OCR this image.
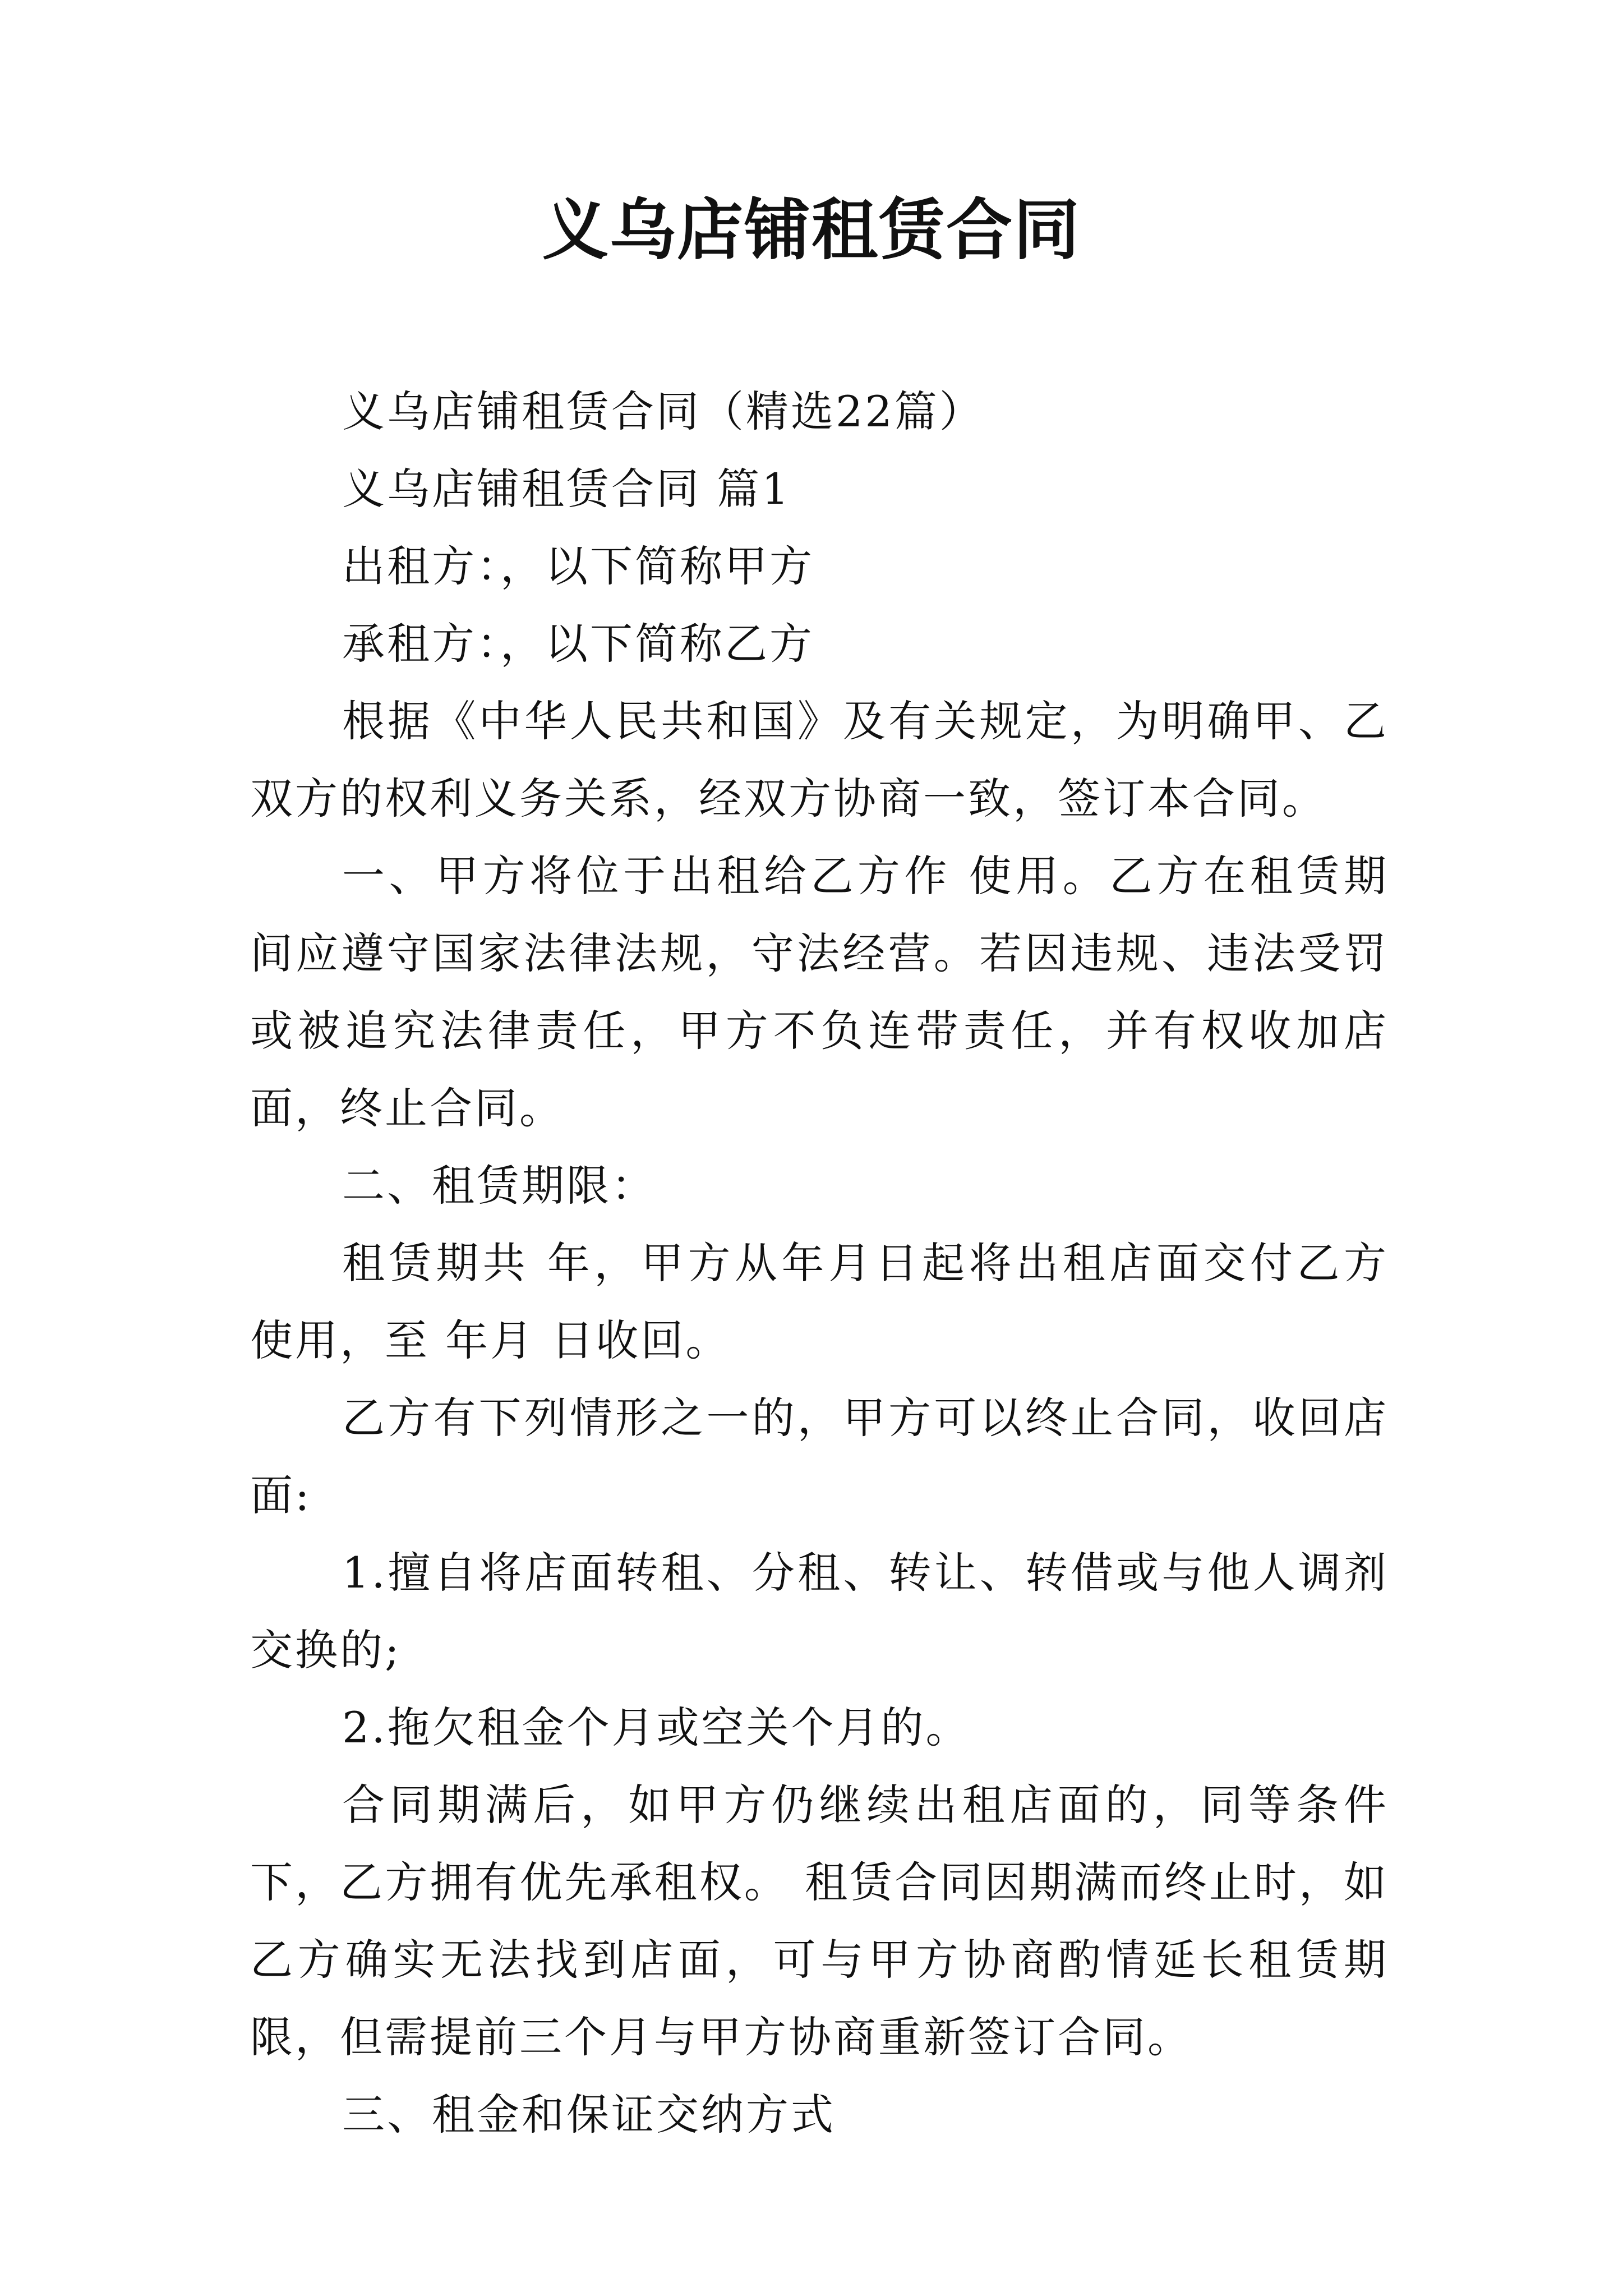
义乌店铺租赁合同

义乌店铺租赁合同（精选22篇）

义乌店铺租赁合同 篇1

出租方：，以下简称甲方

承租方：，以下简称乙方

根据《中华人民共和国》及有关规定，为明确甲、乙双方的权利义务关系，经双方协商一致，签订本合同。

一、甲方将位于出租给乙方作 使用。乙方在租赁期间应遵守国家法律法规，守法经营。若因违规、违法受罚或被追究法律责任，甲方不负连带责任，并有权收加店面，终止合同。

二、租赁期限：

租赁期共 年，甲方从年月日起将出租店面交付乙方使用，至 年月 日收回。

乙方有下列情形之一的，甲方可以终止合同，收回店面:

1.擅自将店面转租、分租、转让、转借或与他人调剂交换的;

2.拖欠租金个月或空关个月的。

合同期满后，如甲方仍继续出租店面的，同等条件下，乙方拥有优先承租权。 租赁合同因期满而终止时，如乙方确实无法找到店面，可与甲方协商酌情延长租赁期限，但需提前三个月与甲方协商重新签订合同。

三、租金和保证交纳方式
